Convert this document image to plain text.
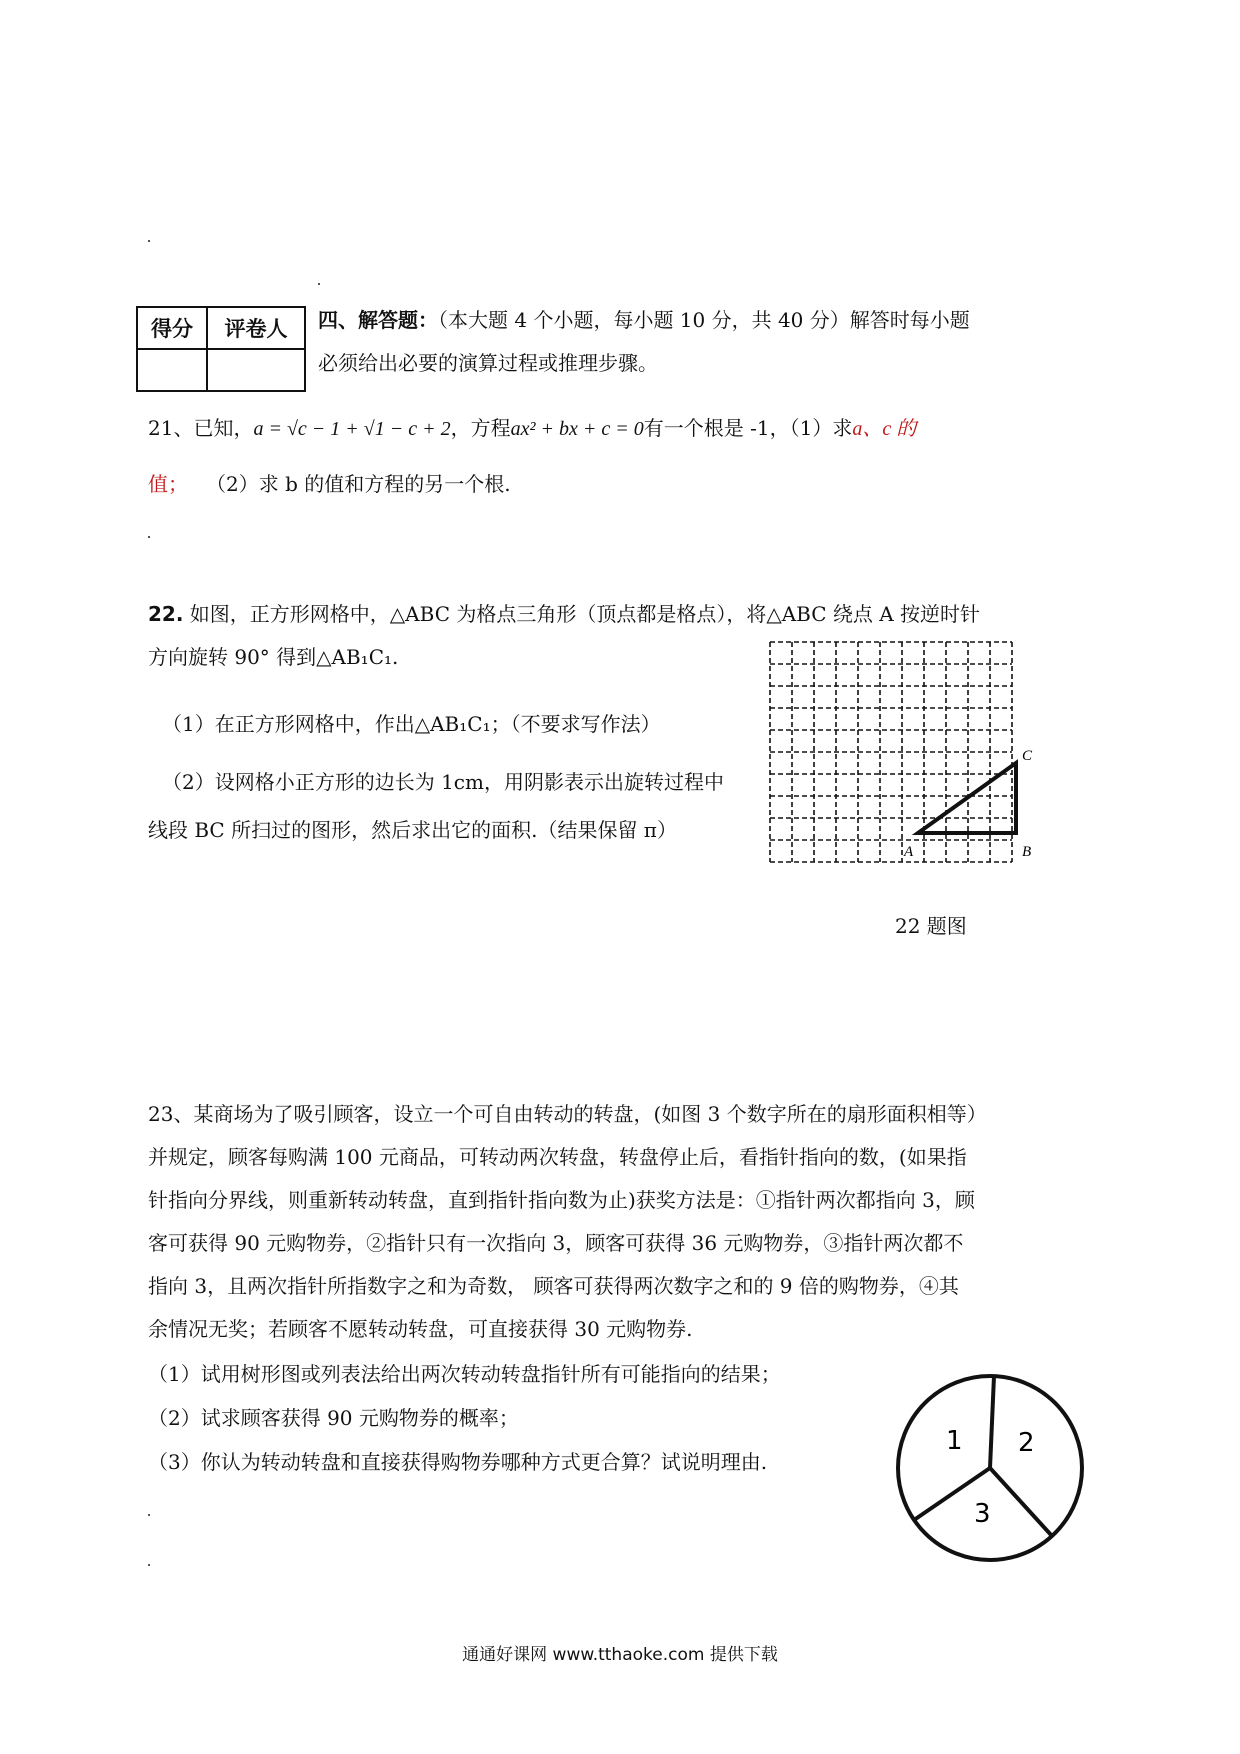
得分	评卷人
	四、解答题：（本大题 4 个小题，每小题 10 分，共 40 分）解答时每小题
必须给出必要的演算过程或推理步骤。
21、已知，a = √c − 1 + √1 − c + 2，方程ax² + bx + c = 0有一个根是 -1，（1）求a、c 的
值； （2）求 b 的值和方程的另一个根.
22. 如图，正方形网格中，△ABC 为格点三角形（顶点都是格点），将△ABC 绕点 A 按逆时针
方向旋转 90° 得到△AB₁C₁.
（1）在正方形网格中，作出△AB₁C₁；（不要求写作法）
（2）设网格小正方形的边长为 1cm，用阴影表示出旋转过程中
线段 BC 所扫过的图形，然后求出它的面积.（结果保留 π）
A	B
C
22 题图
23、某商场为了吸引顾客，设立一个可自由转动的转盘，(如图 3 个数字所在的扇形面积相等）
并规定，顾客每购满 100 元商品，可转动两次转盘，转盘停止后，看指针指向的数，(如果指
针指向分界线，则重新转动转盘，直到指针指向数为止)获奖方法是：①指针两次都指向 3，顾
客可获得 90 元购物券，②指针只有一次指向 3，顾客可获得 36 元购物券，③指针两次都不
指向 3，且两次指针所指数字之和为奇数， 顾客可获得两次数字之和的 9 倍的购物券，④其
余情况无奖；若顾客不愿转动转盘，可直接获得 30 元购物券.
（1）试用树形图或列表法给出两次转动转盘指针所有可能指向的结果；
（2）试求顾客获得 90 元购物券的概率；
（3）你认为转动转盘和直接获得购物券哪种方式更合算？试说明理由.
1 2
3
通通好课网 www.tthaoke.com 提供下载
